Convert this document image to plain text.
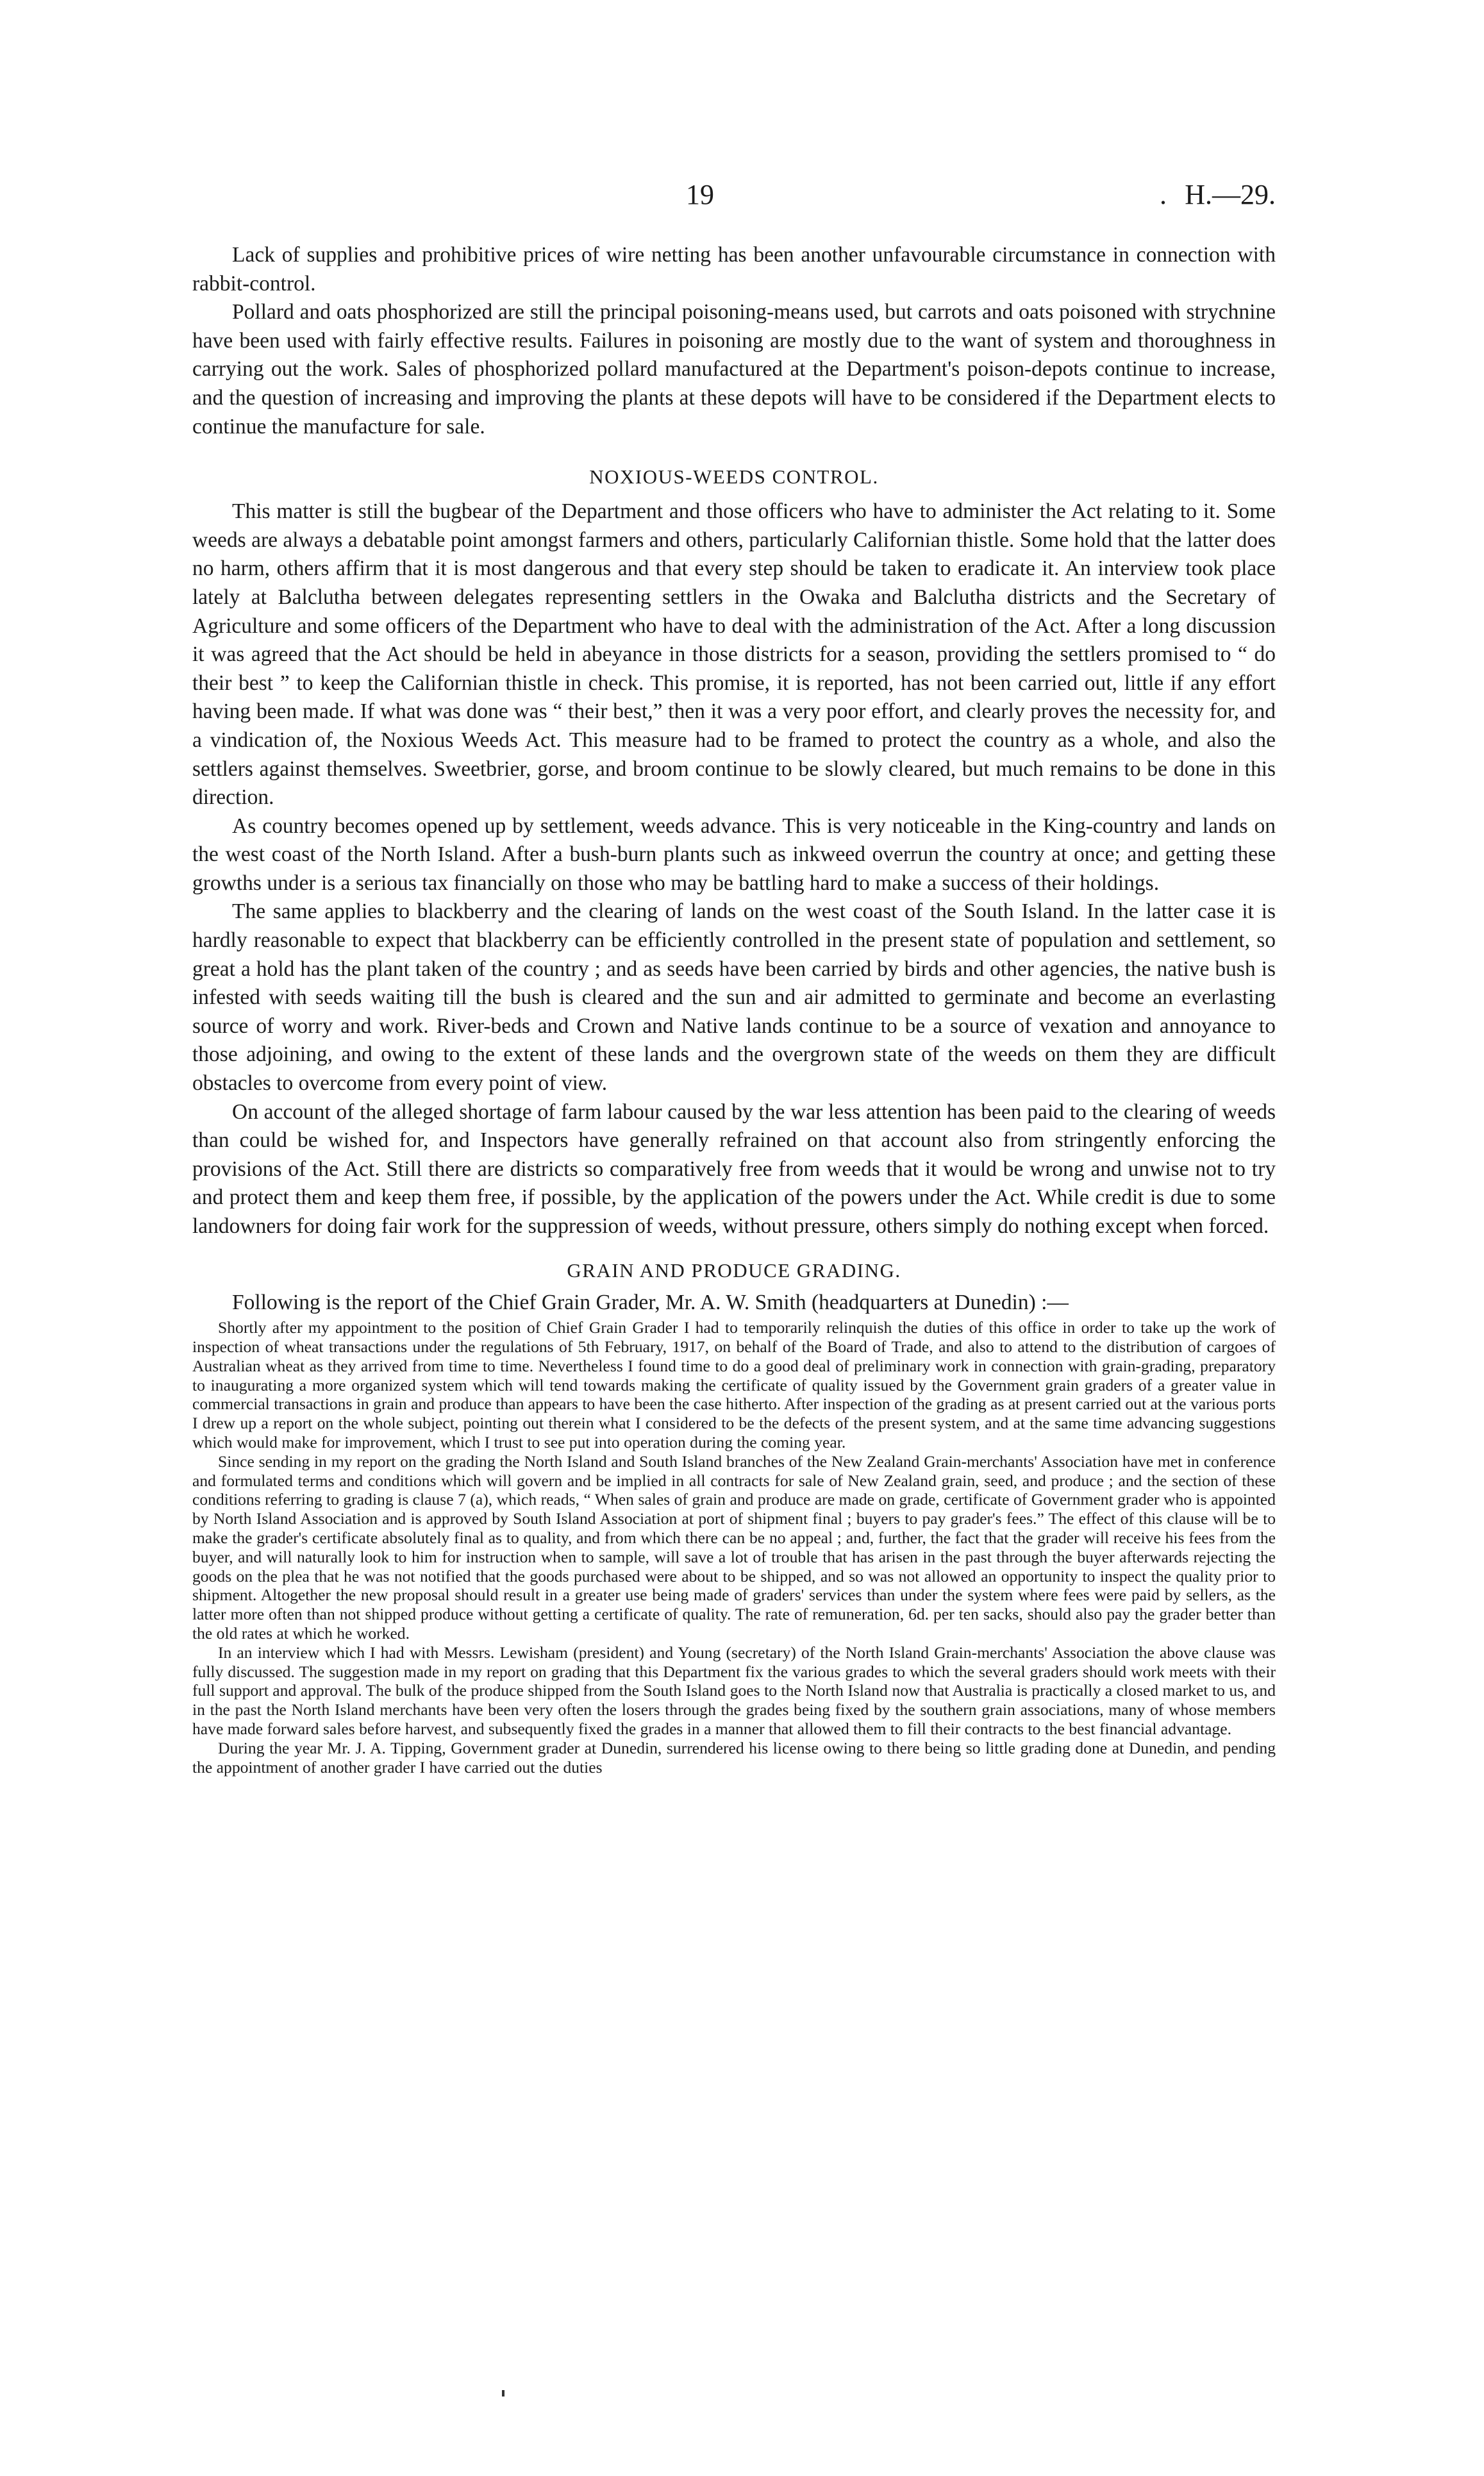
19	. H.—29.

Lack of supplies and prohibitive prices of wire netting has been another unfavourable circumstance in connection with rabbit-control.

Pollard and oats phosphorized are still the principal poisoning-means used, but carrots and oats poisoned with strychnine have been used with fairly effective results. Failures in poisoning are mostly due to the want of system and thoroughness in carrying out the work. Sales of phosphorized pollard manufactured at the Department's poison-depots continue to increase, and the question of increasing and improving the plants at these depots will have to be considered if the Department elects to continue the manufacture for sale.

NOXIOUS-WEEDS CONTROL.

This matter is still the bugbear of the Department and those officers who have to administer the Act relating to it. Some weeds are always a debatable point amongst farmers and others, particularly Californian thistle. Some hold that the latter does no harm, others affirm that it is most dangerous and that every step should be taken to eradicate it. An interview took place lately at Balclutha between delegates representing settlers in the Owaka and Balclutha districts and the Secretary of Agriculture and some officers of the Department who have to deal with the administration of the Act. After a long discussion it was agreed that the Act should be held in abeyance in those districts for a season, providing the settlers promised to “ do their best ” to keep the Californian thistle in check. This promise, it is reported, has not been carried out, little if any effort having been made. If what was done was “ their best,” then it was a very poor effort, and clearly proves the necessity for, and a vindication of, the Noxious Weeds Act. This measure had to be framed to protect the country as a whole, and also the settlers against themselves. Sweetbrier, gorse, and broom continue to be slowly cleared, but much remains to be done in this direction.

As country becomes opened up by settlement, weeds advance. This is very noticeable in the King-country and lands on the west coast of the North Island. After a bush-burn plants such as inkweed overrun the country at once; and getting these growths under is a serious tax financially on those who may be battling hard to make a success of their holdings.

The same applies to blackberry and the clearing of lands on the west coast of the South Island. In the latter case it is hardly reasonable to expect that blackberry can be efficiently controlled in the present state of population and settlement, so great a hold has the plant taken of the country ; and as seeds have been carried by birds and other agencies, the native bush is infested with seeds waiting till the bush is cleared and the sun and air admitted to germinate and become an everlasting source of worry and work. River-beds and Crown and Native lands continue to be a source of vexation and annoyance to those adjoining, and owing to the extent of these lands and the overgrown state of the weeds on them they are difficult obstacles to overcome from every point of view.

On account of the alleged shortage of farm labour caused by the war less attention has been paid to the clearing of weeds than could be wished for, and Inspectors have generally refrained on that account also from stringently enforcing the provisions of the Act. Still there are districts so comparatively free from weeds that it would be wrong and unwise not to try and protect them and keep them free, if possible, by the application of the powers under the Act. While credit is due to some landowners for doing fair work for the suppression of weeds, without pressure, others simply do nothing except when forced.

GRAIN AND PRODUCE GRADING.

Following is the report of the Chief Grain Grader, Mr. A. W. Smith (headquarters at Dunedin) :—

Shortly after my appointment to the position of Chief Grain Grader I had to temporarily relinquish the duties of this office in order to take up the work of inspection of wheat transactions under the regulations of 5th February, 1917, on behalf of the Board of Trade, and also to attend to the distribution of cargoes of Australian wheat as they arrived from time to time. Nevertheless I found time to do a good deal of preliminary work in connection with grain-grading, preparatory to inaugurating a more organized system which will tend towards making the certificate of quality issued by the Government grain graders of a greater value in commercial transactions in grain and produce than appears to have been the case hitherto. After inspection of the grading as at present carried out at the various ports I drew up a report on the whole subject, pointing out therein what I considered to be the defects of the present system, and at the same time advancing suggestions which would make for improvement, which I trust to see put into operation during the coming year.

Since sending in my report on the grading the North Island and South Island branches of the New Zealand Grain-merchants' Association have met in conference and formulated terms and conditions which will govern and be implied in all contracts for sale of New Zealand grain, seed, and produce ; and the section of these conditions referring to grading is clause 7 (a), which reads, “ When sales of grain and produce are made on grade, certificate of Government grader who is appointed by North Island Association and is approved by South Island Association at port of shipment final ; buyers to pay grader's fees.” The effect of this clause will be to make the grader's certificate absolutely final as to quality, and from which there can be no appeal ; and, further, the fact that the grader will receive his fees from the buyer, and will naturally look to him for instruction when to sample, will save a lot of trouble that has arisen in the past through the buyer afterwards rejecting the goods on the plea that he was not notified that the goods purchased were about to be shipped, and so was not allowed an opportunity to inspect the quality prior to shipment. Altogether the new proposal should result in a greater use being made of graders' services than under the system where fees were paid by sellers, as the latter more often than not shipped produce without getting a certificate of quality. The rate of remuneration, 6d. per ten sacks, should also pay the grader better than the old rates at which he worked.

In an interview which I had with Messrs. Lewisham (president) and Young (secretary) of the North Island Grain-merchants' Association the above clause was fully discussed. The suggestion made in my report on grading that this Department fix the various grades to which the several graders should work meets with their full support and approval. The bulk of the produce shipped from the South Island goes to the North Island now that Australia is practically a closed market to us, and in the past the North Island merchants have been very often the losers through the grades being fixed by the southern grain associations, many of whose members have made forward sales before harvest, and subsequently fixed the grades in a manner that allowed them to fill their contracts to the best financial advantage.

During the year Mr. J. A. Tipping, Government grader at Dunedin, surrendered his license owing to there being so little grading done at Dunedin, and pending the appointment of another grader I have carried out the duties
